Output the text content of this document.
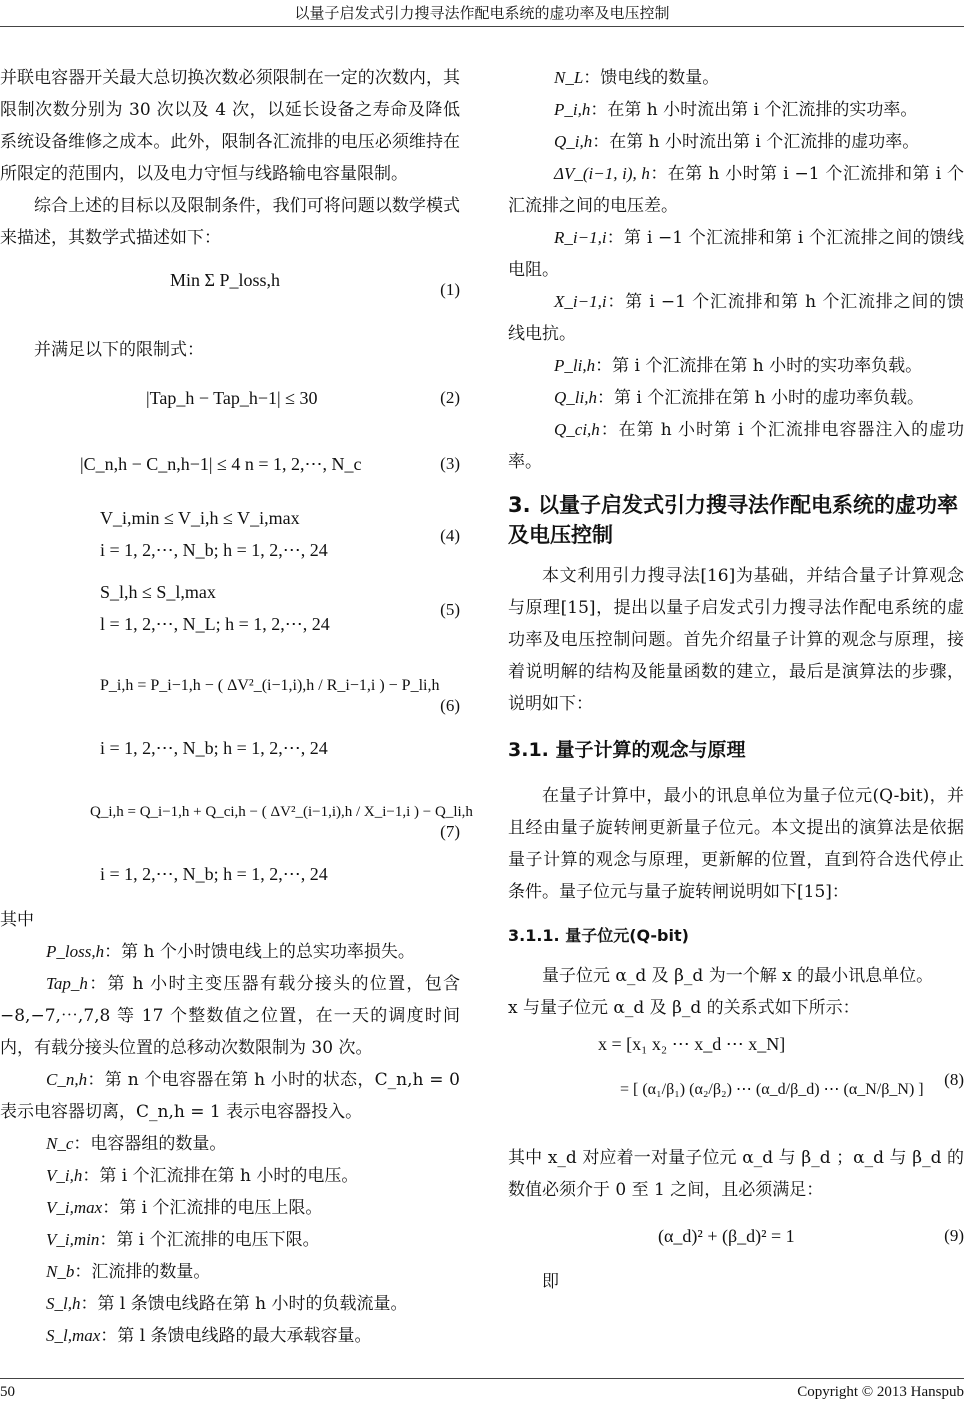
以量子启发式引力搜寻法作配电系统的虚功率及电压控制

并联电容器开关最大总切换次数必须限制在一定的次数内，其限制次数分别为 30 次以及 4 次，以延长设备之寿命及降低系统设备维修之成本。此外，限制各汇流排的电压必须维持在所限定的范围内，以及电力守恒与线路输电容量限制。

综合上述的目标以及限制条件，我们可将问题以数学模式来描述，其数学式描述如下：

Min Σ P_loss,h	(1)

并满足以下的限制式：

|Tap_h − Tap_h−1| ≤ 30	(2)
|C_n,h − C_n,h−1| ≤ 4 n = 1, 2,⋯, N_c	(3)
V_i,min ≤ V_i,h ≤ V_i,max
i = 1, 2,⋯, N_b; h = 1, 2,⋯, 24
(4)
S_l,h ≤ S_l,max
l = 1, 2,⋯, N_L; h = 1, 2,⋯, 24
(5)
P_i,h = P_i−1,h − ( ΔV²_(i−1,i),h / R_i−1,i ) − P_li,h
i = 1, 2,⋯, N_b; h = 1, 2,⋯, 24
(6)
Q_i,h = Q_i−1,h + Q_ci,h − ( ΔV²_(i−1,i),h / X_i−1,i ) − Q_li,h
i = 1, 2,⋯, N_b; h = 1, 2,⋯, 24
(7)

其中

P_loss,h：第 h 个小时馈电线上的总实功率损失。

Tap_h：第 h 小时主变压器有载分接头的位置，包含−8,−7,⋯,7,8 等 17 个整数值之位置，在一天的调度时间内，有载分接头位置的总移动次数限制为 30 次。

C_n,h：第 n 个电容器在第 h 小时的状态，C_n,h = 0 表示电容器切离，C_n,h = 1 表示电容器投入。

N_c：电容器组的数量。

V_i,h：第 i 个汇流排在第 h 小时的电压。

V_i,max：第 i 个汇流排的电压上限。

V_i,min：第 i 个汇流排的电压下限。

N_b：汇流排的数量。

S_l,h：第 l 条馈电线路在第 h 小时的负载流量。

S_l,max：第 l 条馈电线路的最大承载容量。

N_L：馈电线的数量。

P_i,h：在第 h 小时流出第 i 个汇流排的实功率。

Q_i,h：在第 h 小时流出第 i 个汇流排的虚功率。

ΔV_(i−1, i), h：在第 h 小时第 i −1 个汇流排和第 i 个汇流排之间的电压差。

R_i−1,i：第 i −1 个汇流排和第 i 个汇流排之间的馈线电阻。

X_i−1,i：第 i −1 个汇流排和第 h 个汇流排之间的馈线电抗。

P_li,h：第 i 个汇流排在第 h 小时的实功率负载。

Q_li,h：第 i 个汇流排在第 h 小时的虚功率负载。

Q_ci,h：在第 h 小时第 i 个汇流排电容器注入的虚功率。

3. 以量子启发式引力搜寻法作配电系统的虚功率及电压控制

本文利用引力搜寻法[16]为基础，并结合量子计算观念与原理[15]，提出以量子启发式引力搜寻法作配电系统的虚功率及电压控制问题。首先介绍量子计算的观念与原理，接着说明解的结构及能量函数的建立，最后是演算法的步骤，说明如下：

3.1. 量子计算的观念与原理

在量子计算中，最小的讯息单位为量子位元(Q-bit)，并且经由量子旋转闸更新量子位元。本文提出的演算法是依据量子计算的观念与原理，更新解的位置，直到符合迭代停止条件。量子位元与量子旋转闸说明如下[15]：

3.1.1. 量子位元(Q-bit)

量子位元 α_d 及 β_d 为一个解 x 的最小讯息单位。

x 与量子位元 α_d 及 β_d 的关系式如下所示：

x = [x₁ x₂ ⋯ x_d ⋯ x_N]
= [ (α₁/β₁) (α₂/β₂) ⋯ (α_d/β_d) ⋯ (α_N/β_N) ]
(8)

其中 x_d 对应着一对量子位元 α_d 与 β_d ；α_d 与 β_d 的数值必须介于 0 至 1 之间，且必须满足：

(α_d)² + (β_d)² = 1	(9)

即

50	Copyright © 2013 Hanspub
